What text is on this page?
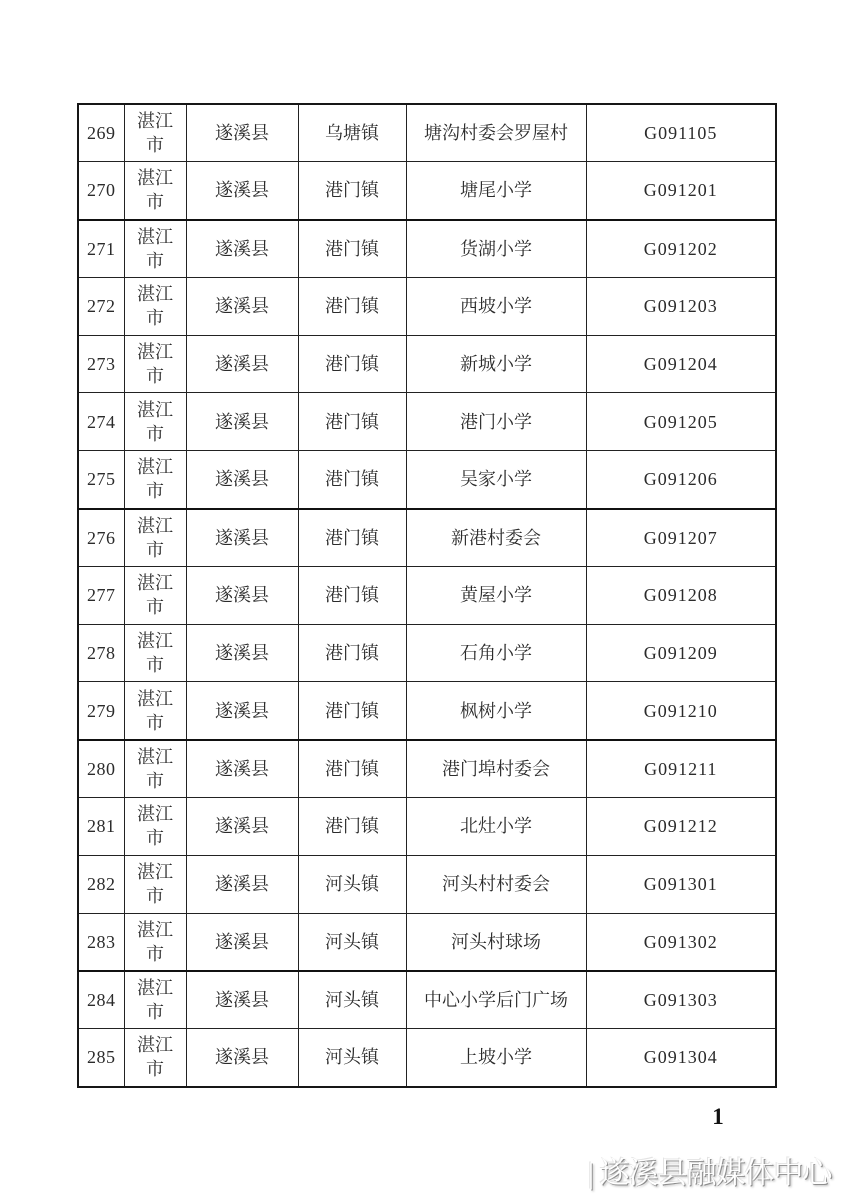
269	湛江市	遂溪县	乌塘镇	塘沟村委会罗屋村	G091105
270	湛江市	遂溪县	港门镇	塘尾小学	G091201
271	湛江市	遂溪县	港门镇	货湖小学	G091202
272	湛江市	遂溪县	港门镇	西坡小学	G091203
273	湛江市	遂溪县	港门镇	新城小学	G091204
274	湛江市	遂溪县	港门镇	港门小学	G091205
275	湛江市	遂溪县	港门镇	吴家小学	G091206
276	湛江市	遂溪县	港门镇	新港村委会	G091207
277	湛江市	遂溪县	港门镇	黄屋小学	G091208
278	湛江市	遂溪县	港门镇	石角小学	G091209
279	湛江市	遂溪县	港门镇	枫树小学	G091210
280	湛江市	遂溪县	港门镇	港门埠村委会	G091211
281	湛江市	遂溪县	港门镇	北灶小学	G091212
282	湛江市	遂溪县	河头镇	河头村村委会	G091301
283	湛江市	遂溪县	河头镇	河头村球场	G091302
284	湛江市	遂溪县	河头镇	中心小学后门广场	G091303
285	湛江市	遂溪县	河头镇	上坡小学	G091304
1
| 遂溪县融媒体中心
